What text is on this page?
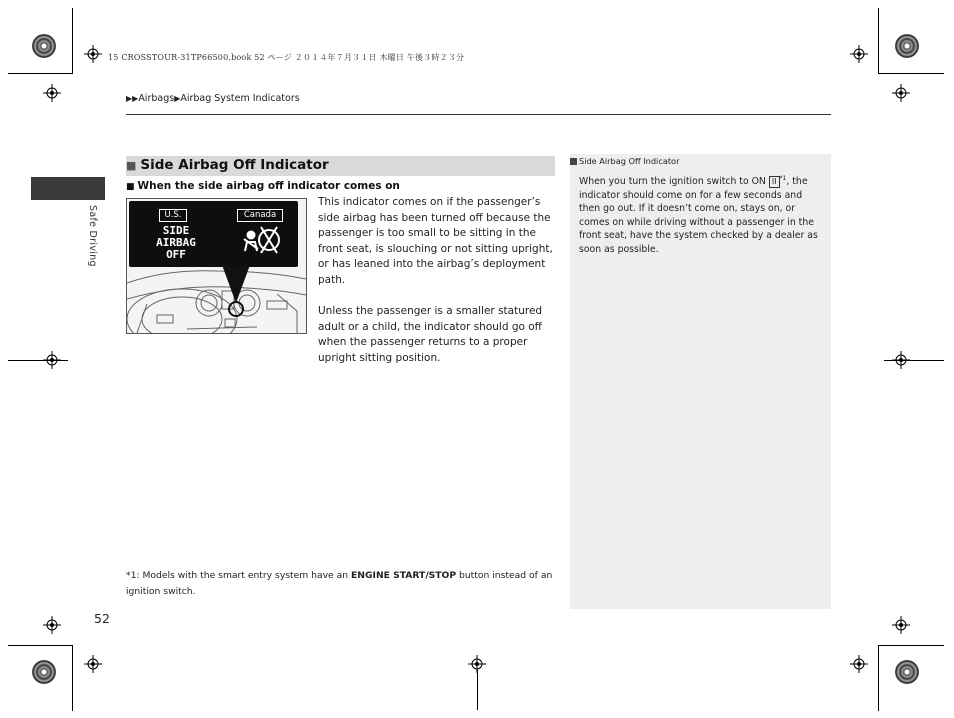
15 CROSSTOUR-31TP66500.book 52 ページ ２０１４年７月３１日 木曜日 午後３時２３分
▶▶Airbags▶Airbag System Indicators
Safe Driving
■ Side Airbag Off Indicator
■ When the side airbag off indicator comes on
U.S.	Canada
SIDE
AIRBAG
OFF

This indicator comes on if the passenger’s side airbag has been turned off because the passenger is too small to be sitting in the front seat, is slouching or not sitting upright, or has leaned into the airbag’s deployment path.

Unless the passenger is a smaller statured adult or a child, the indicator should go off when the passenger returns to a proper upright sitting position.

*1: Models with the smart entry system have an ENGINE START/STOP button instead of an ignition switch.
52
Side Airbag Off Indicator
When you turn the ignition switch to ON II $^{*1}$, the indicator should come on for a few seconds and then go out. If it doesn’t come on, stays on, or comes on while driving without a passenger in the front seat, have the system checked by a dealer as soon as possible.
